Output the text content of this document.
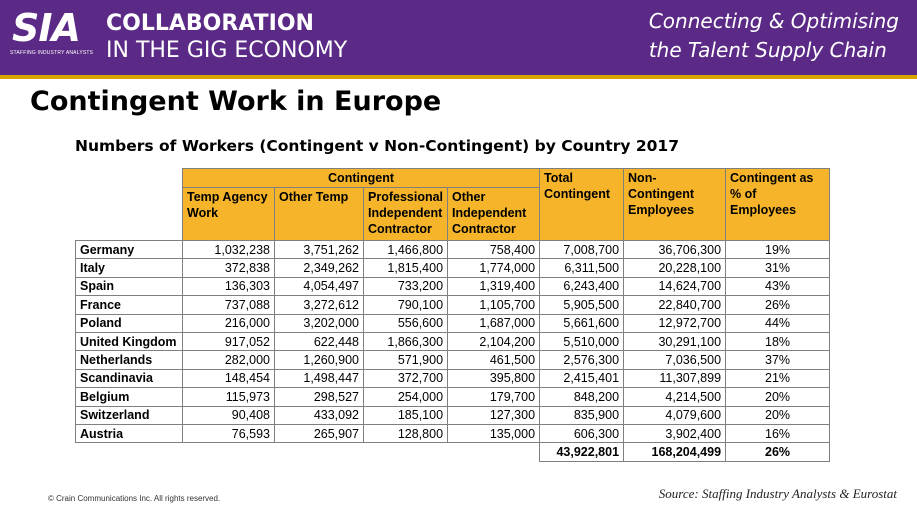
SIA
STAFFING INDUSTRY ANALYSTS
COLLABORATION
IN THE GIG ECONOMY
Connecting & Optimising
the Talent Supply Chain
Contingent Work in Europe
Numbers of Workers (Contingent v Non-Contingent) by Country 2017
	Contingent				Total Contingent	Non-Contingent Employees	Contingent as % of Employees
	Temp Agency Work	Other Temp	Professional Independent Contractor	Other Independent Contractor			
Germany	1,032,238	3,751,262	1,466,800	758,400	7,008,700	36,706,300	19%
Italy	372,838	2,349,262	1,815,400	1,774,000	6,311,500	20,228,100	31%
Spain	136,303	4,054,497	733,200	1,319,400	6,243,400	14,624,700	43%
France	737,088	3,272,612	790,100	1,105,700	5,905,500	22,840,700	26%
Poland	216,000	3,202,000	556,600	1,687,000	5,661,600	12,972,700	44%
United Kingdom	917,052	622,448	1,866,300	2,104,200	5,510,000	30,291,100	18%
Netherlands	282,000	1,260,900	571,900	461,500	2,576,300	7,036,500	37%
Scandinavia	148,454	1,498,447	372,700	395,800	2,415,401	11,307,899	21%
Belgium	115,973	298,527	254,000	179,700	848,200	4,214,500	20%
Switzerland	90,408	433,092	185,100	127,300	835,900	4,079,600	20%
Austria	76,593	265,907	128,800	135,000	606,300	3,902,400	16%
					43,922,801	168,204,499	26%
© Crain Communications Inc. All rights reserved.	Source: Staffing Industry Analysts & Eurostat
